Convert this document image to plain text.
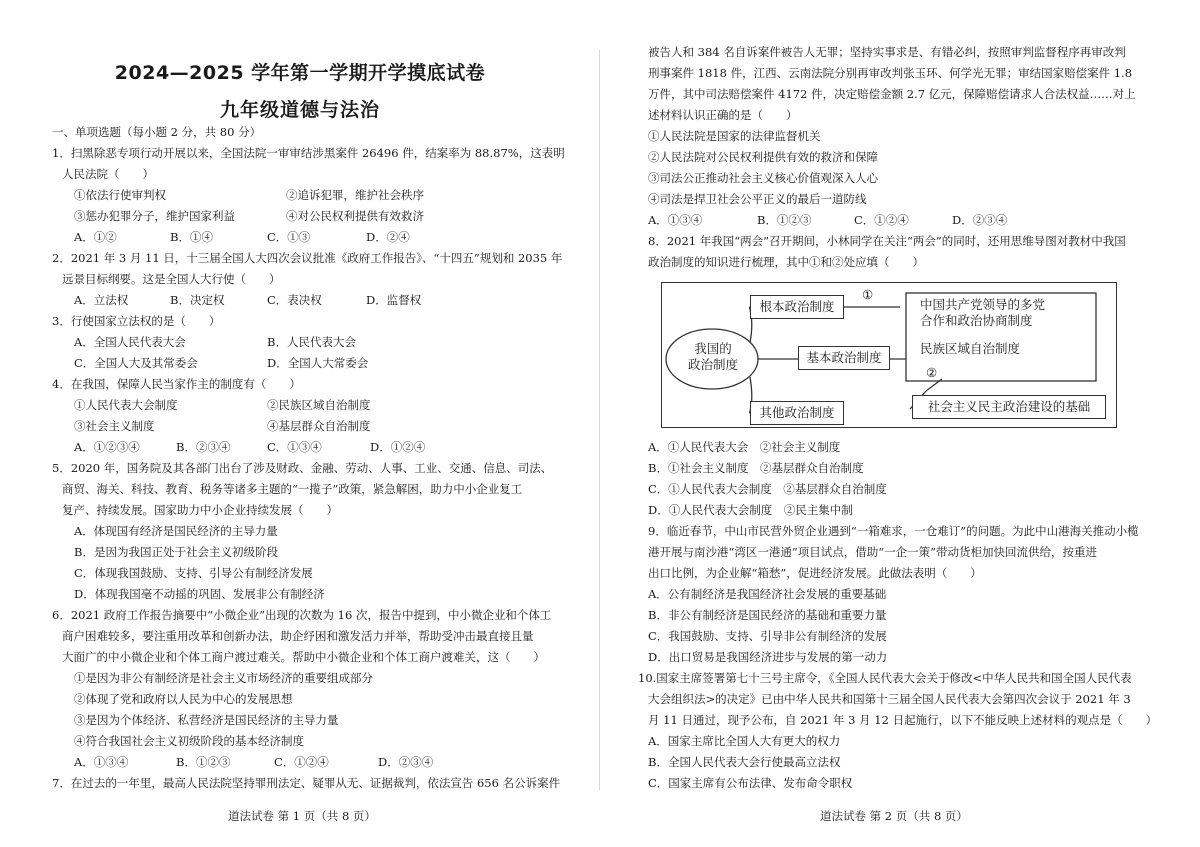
2024—2025 学年第一学期开学摸底试卷
九年级道德与法治
一、单项选题（每小题 2 分，共 80 分）
1．扫黑除恶专项行动开展以来，全国法院一审审结涉黑案件 26496 件，结案率为 88.87%，这表明
人民法院（　　）
①依法行使审判权	②追诉犯罪，维护社会秩序
③惩办犯罪分子，维护国家利益	④对公民权利提供有效救济
A．①②	B．①④	C．①③	D．②④
2．2021 年 3 月 11 日，十三届全国人大四次会议批准《政府工作报告》、“十四五”规划和 2035 年
远景目标纲要。这是全国人大行使（　　）
A．立法权	B．决定权	C．表决权	D．监督权
3．行使国家立法权的是（　　）
A．全国人民代表大会	B．人民代表大会
C．全国人大及其常委会	D．全国人大常委会
4．在我国，保障人民当家作主的制度有（　　）
①人民代表大会制度	②民族区域自治制度
③社会主义制度	④基层群众自治制度
A．①②③④	B．②③④	C．①③④	D．①②④
5．2020 年，国务院及其各部门出台了涉及财政、金融、劳动、人事、工业、交通、信息、司法、
商贸、海关、科技、教育、税务等诸多主题的“一揽子”政策，紧急解困，助力中小企业复工
复产、持续发展。国家助力中小企业持续发展（　　）
A．体现国有经济是国民经济的主导力量
B．是因为我国正处于社会主义初级阶段
C．体现我国鼓励、支持、引导公有制经济发展
D．体现我国毫不动摇的巩固、发展非公有制经济
6．2021 政府工作报告摘要中“小微企业”出现的次数为 16 次，报告中提到，中小微企业和个体工
商户困难较多，要注重用改革和创新办法，助企纾困和激发活力并举，帮助受冲击最直接且量
大面广的中小微企业和个体工商户渡过难关。帮助中小微企业和个体工商户渡难关，这（　　）
①是因为非公有制经济是社会主义市场经济的重要组成部分
②体现了党和政府以人民为中心的发展思想
③是因为个体经济、私营经济是国民经济的主导力量
④符合我国社会主义初级阶段的基本经济制度
A．①③④	B．①②③	C．①②④	D．②③④
7．在过去的一年里，最高人民法院坚持罪刑法定、疑罪从无、证据裁判，依法宣告 656 名公诉案件
道法试卷 第 1 页（共 8 页）
被告人和 384 名自诉案件被告人无罪；坚持实事求是、有错必纠，按照审判监督程序再审改判
刑事案件 1818 件，江西、云南法院分别再审改判张玉环、何学光无罪；审结国家赔偿案件 1.8
万件，其中司法赔偿案件 4172 件，决定赔偿金额 2.7 亿元，保障赔偿请求人合法权益……对上
述材料认识正确的是（　　）
①人民法院是国家的法律监督机关
②人民法院对公民权利提供有效的救济和保障
③司法公正推动社会主义核心价值观深入人心
④司法是捍卫社会公平正义的最后一道防线
A．①③④	B．①②③	C．①②④	D．②③④
8．2021 年我国“两会”召开期间，小林同学在关注“两会”的同时，还用思维导图对教材中我国
政治制度的知识进行梳理，其中①和②处应填（　　）
A．①人民代表大会　②社会主义制度
B．①社会主义制度　②基层群众自治制度
C．①人民代表大会制度　②基层群众自治制度
D．①人民代表大会制度　②民主集中制
9．临近春节，中山市民营外贸企业遇到“一箱难求，一仓难订”的问题。为此中山港海关推动小榄
港开展与南沙港“湾区一港通”项目试点，借助“一企一策”带动货柜加快回流供给，按重进
出口比例，为企业解“箱愁”，促进经济发展。此做法表明（　　）
A．公有制经济是我国经济社会发展的重要基础
B．非公有制经济是国民经济的基础和重要力量
C．我国鼓励、支持、引导非公有制经济的发展
D．出口贸易是我国经济进步与发展的第一动力
10.国家主席签署第七十三号主席令，《全国人民代表大会关于修改<中华人民共和国全国人民代表
大会组织法>的决定》已由中华人民共和国第十三届全国人民代表大会第四次会议于 2021 年 3
月 11 日通过，现予公布，自 2021 年 3 月 12 日起施行，以下不能反映上述材料的观点是（　　）
A．国家主席比全国人大有更大的权力
B．全国人民代表大会行使最高立法权
C．国家主席有公布法律、发布命令职权
道法试卷 第 2 页（共 8 页）
我国的
政治制度
根本政治制度
基本政治制度
其他政治制度
①
中国共产党领导的多党
合作和政治协商制度
民族区域自治制度
②
社会主义民主政治建设的基础
